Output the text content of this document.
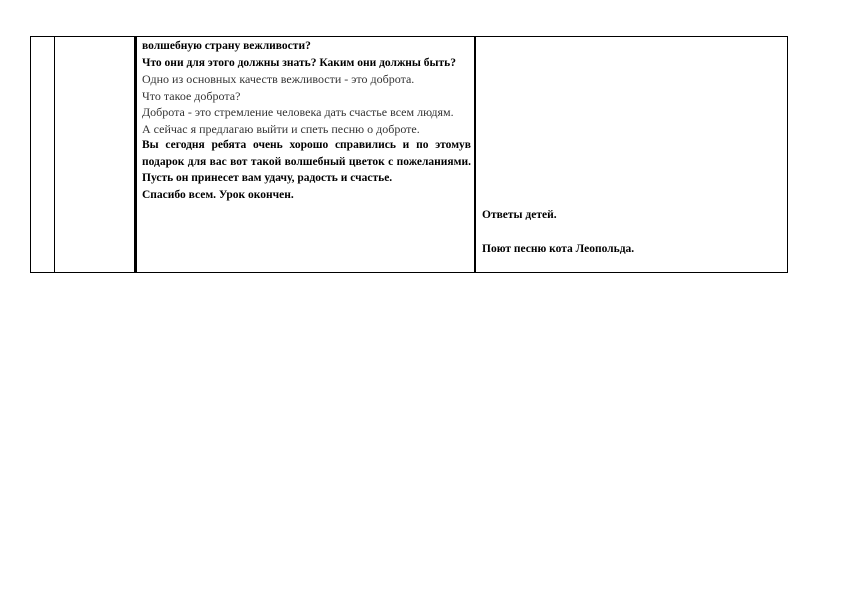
волшебную страну вежливости?

Что они для этого должны знать? Каким они должны быть?

Одно из основных качеств вежливости - это доброта.

Что такое доброта?

Доброта - это стремление человека дать счастье всем людям.

А сейчас я предлагаю выйти и спеть песню о доброте.

Вы сегодня ребята очень хорошо справились и по этомув подарок для вас вот такой волшебный цветок с пожеланиями. Пусть он принесет вам удачу, радость и счастье.

Спасибо всем. Урок окончен.

Ответы детей.

Поют песню кота Леопольда.
